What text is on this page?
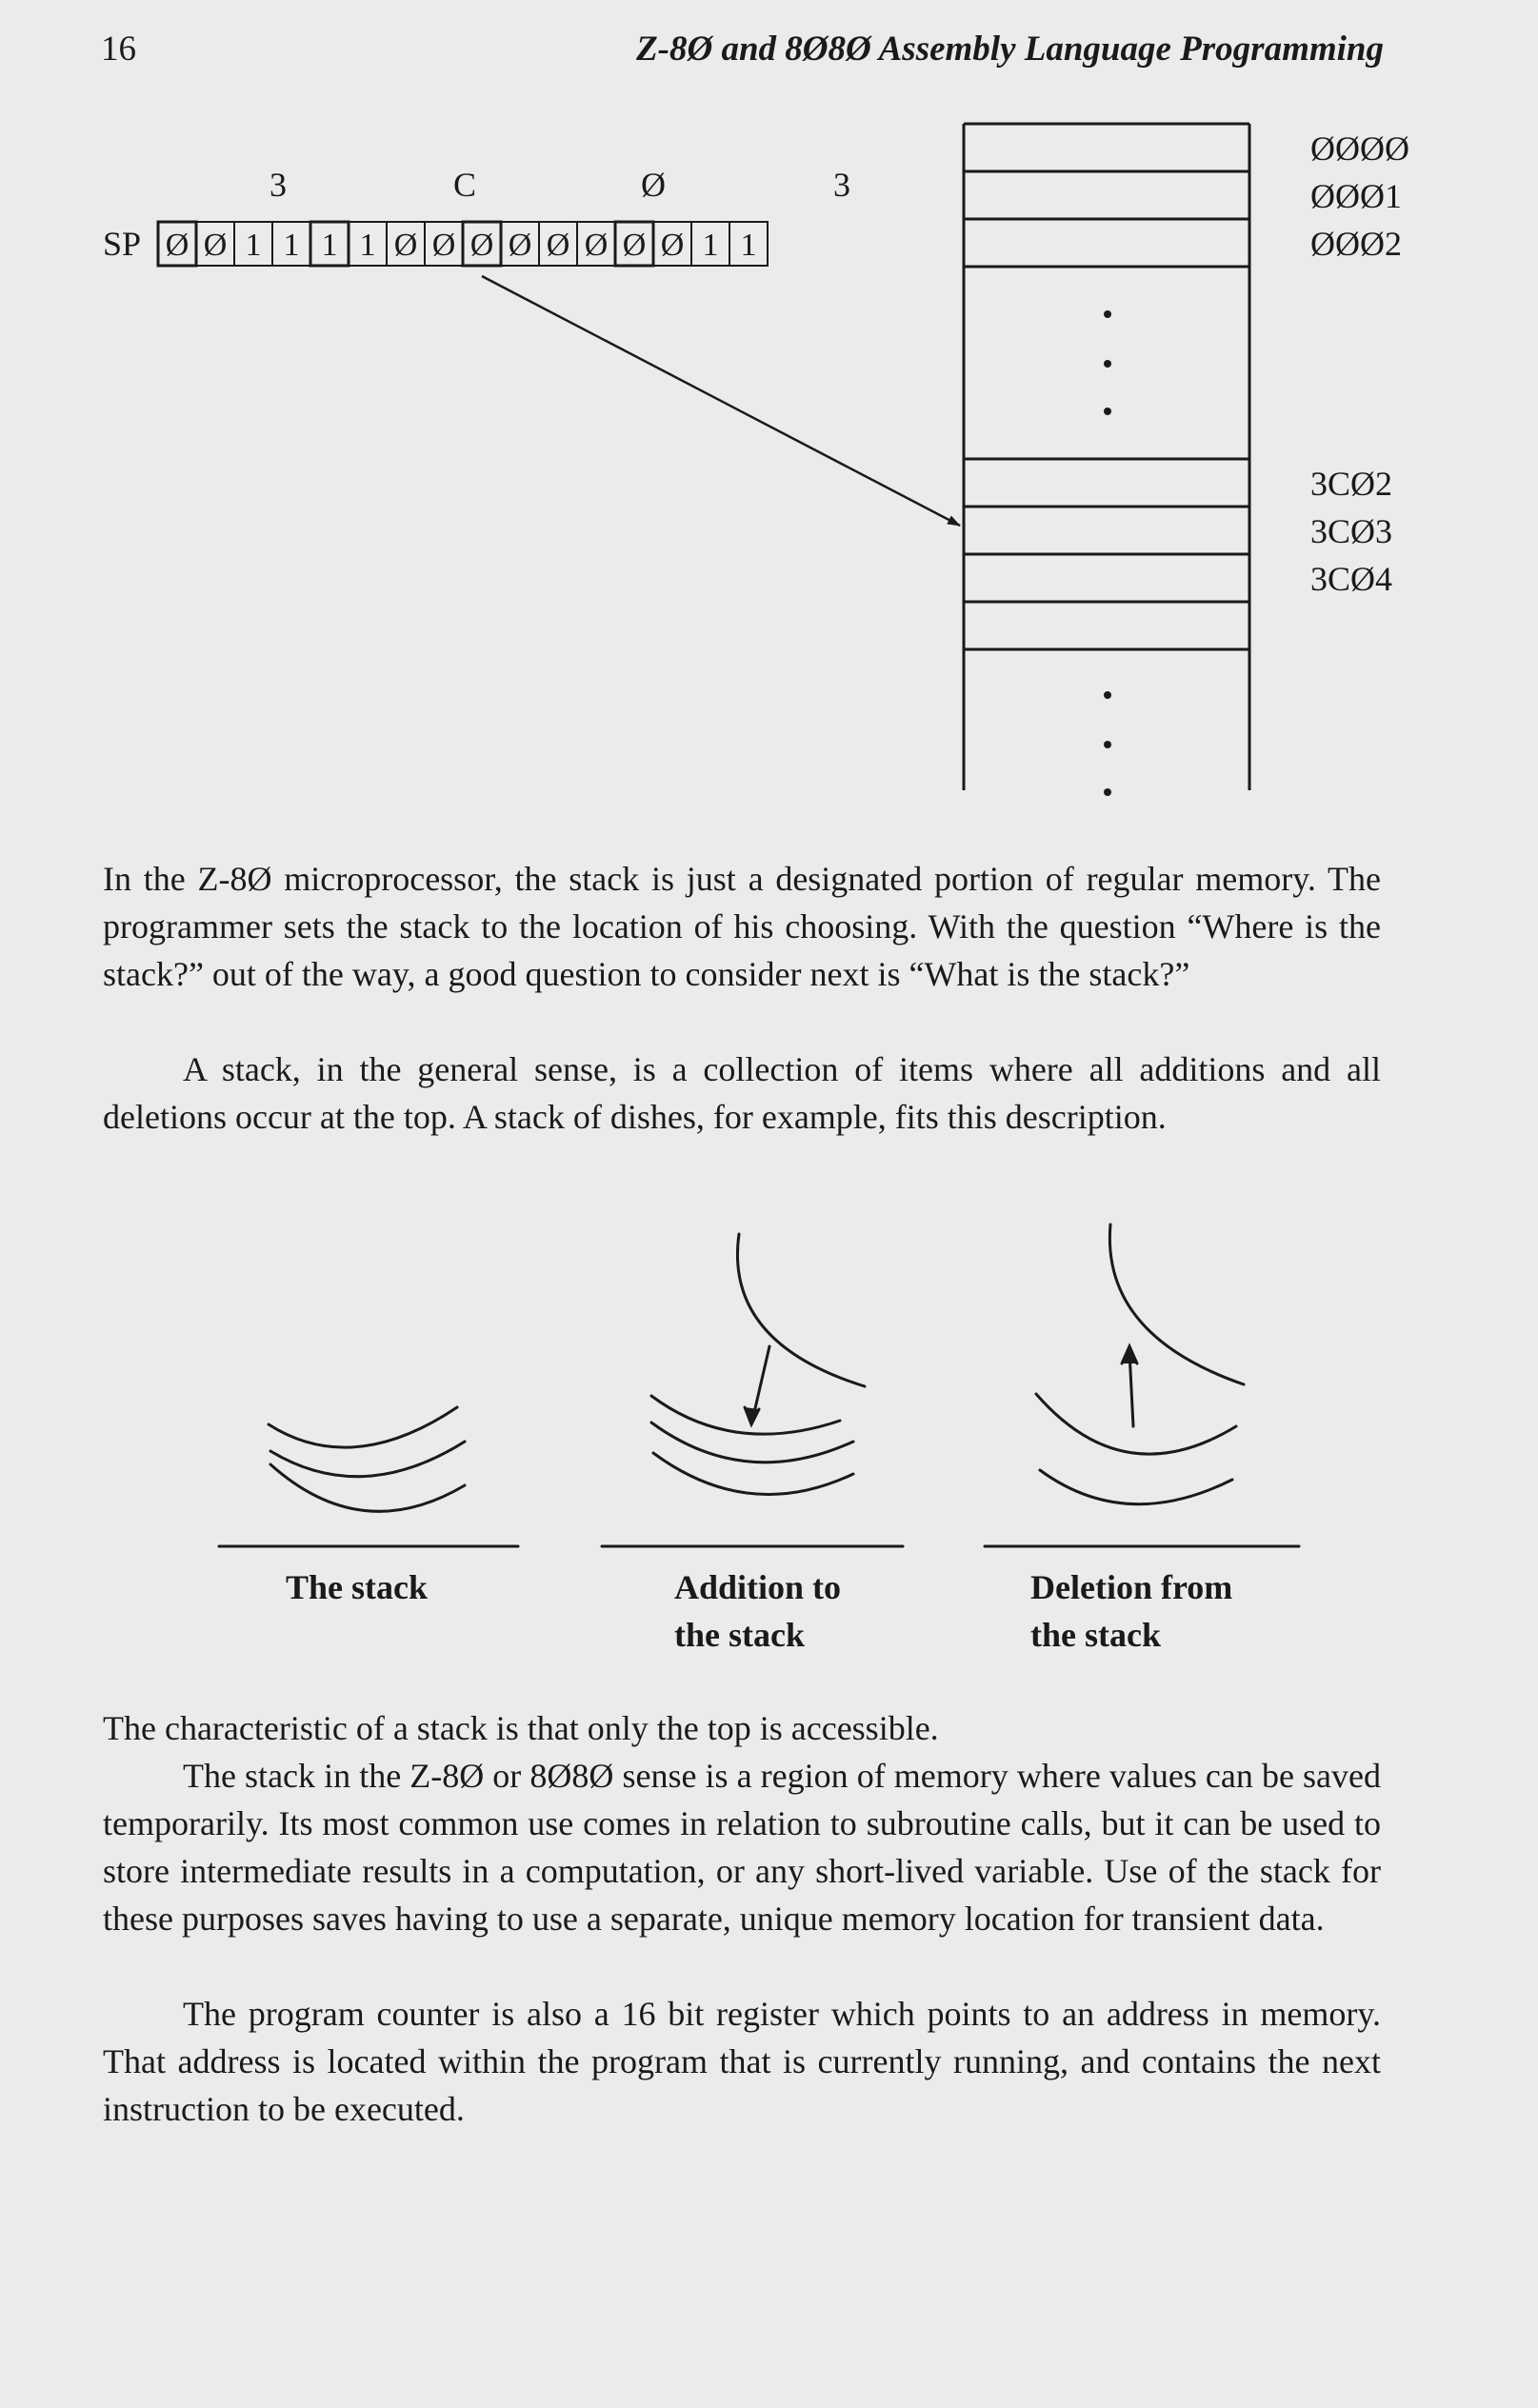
16	Z-8Ø and 8Ø8Ø Assembly Language Programming
3	C	Ø	3
SP Ø Ø 1 1 1 1 Ø Ø Ø Ø Ø Ø Ø Ø 1 1
ØØØØ
ØØØ1
ØØØ2
3CØ2
3CØ3
3CØ4

In the Z-8Ø microprocessor, the stack is just a designated portion of regular memory. The programmer sets the stack to the location of his choosing. With the question “Where is the stack?” out of the way, a good question to consider next is “What is the stack?”

A stack, in the general sense, is a collection of items where all additions and all deletions occur at the top. A stack of dishes, for example, fits this description.

The stack	Addition to
the stack
Deletion from
the stack

The characteristic of a stack is that only the top is accessible.

The stack in the Z-8Ø or 8Ø8Ø sense is a region of memory where values can be saved temporarily. Its most common use comes in relation to subroutine calls, but it can be used to store intermediate results in a computation, or any short-lived variable. Use of the stack for these purposes saves having to use a separate, unique memory location for transient data.

The program counter is also a 16 bit register which points to an address in memory. That address is located within the program that is currently running, and contains the next instruction to be executed.
